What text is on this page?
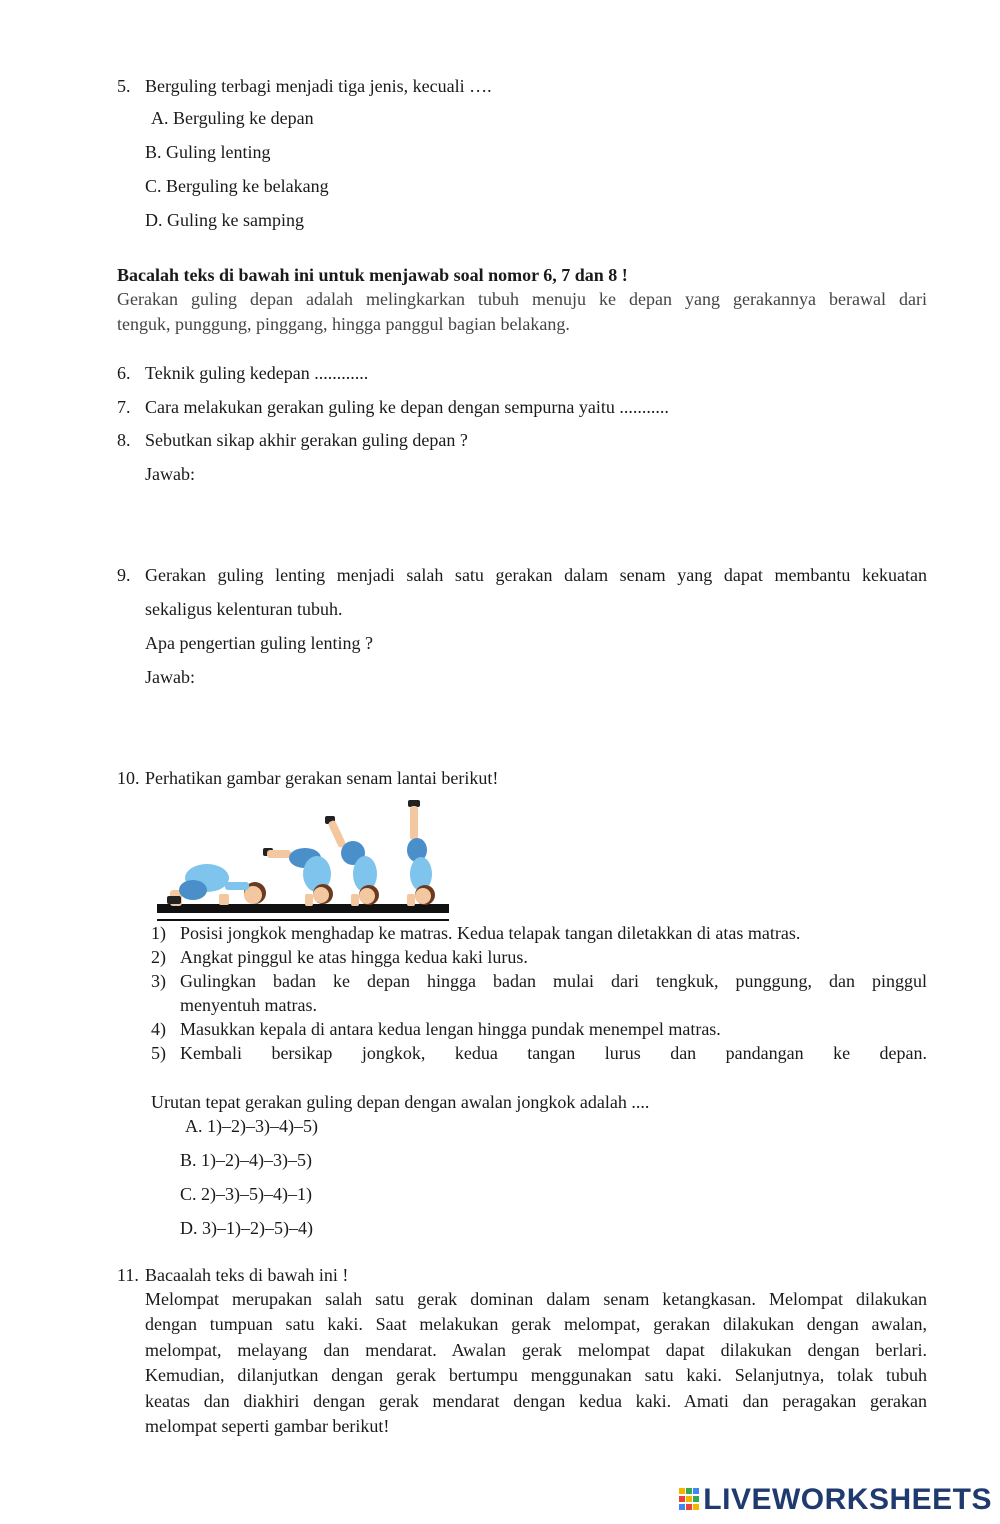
5. Berguling terbagi menjadi tiga jenis, kecuali ….
A. Berguling ke depan
B. Guling lenting
C. Berguling ke belakang
D. Guling ke samping
Bacalah teks di bawah ini untuk menjawab soal nomor 6, 7 dan 8 !
Gerakan guling depan adalah melingkarkan tubuh menuju ke depan yang gerakannya berawal dari
tenguk, punggung, pinggang, hingga panggul bagian belakang.
6. Teknik guling kedepan ............
7. Cara melakukan gerakan guling ke depan dengan sempurna yaitu ...........
8. Sebutkan sikap akhir gerakan guling depan ?
Jawab:
9. Gerakan guling lenting menjadi salah satu gerakan dalam senam yang dapat membantu kekuatan
sekaligus kelenturan tubuh.
Apa pengertian guling lenting ?
Jawab:
10. Perhatikan gambar gerakan senam lantai berikut!
1) Posisi jongkok menghadap ke matras. Kedua telapak tangan diletakkan di atas matras.
2) Angkat pinggul ke atas hingga kedua kaki lurus.
3) Gulingkan badan ke depan hingga badan mulai dari tengkuk, punggung, dan pinggul
menyentuh matras.
4) Masukkan kepala di antara kedua lengan hingga pundak menempel matras.
5) Kembali bersikap jongkok, kedua tangan lurus dan pandangan ke depan.
Urutan tepat gerakan guling depan dengan awalan jongkok adalah ....
A. 1)–2)–3)–4)–5)
B. 1)–2)–4)–3)–5)
C. 2)–3)–5)–4)–1)
D. 3)–1)–2)–5)–4)
11. Bacaalah teks di bawah ini !
Melompat merupakan salah satu gerak dominan dalam senam ketangkasan. Melompat dilakukan
dengan tumpuan satu kaki. Saat melakukan gerak melompat, gerakan dilakukan dengan awalan,
melompat, melayang dan mendarat. Awalan gerak melompat dapat dilakukan dengan berlari.
Kemudian, dilanjutkan dengan gerak bertumpu menggunakan satu kaki. Selanjutnya, tolak tubuh
keatas dan diakhiri dengan gerak mendarat dengan kedua kaki. Amati dan peragakan gerakan
melompat seperti gambar berikut!
LIVEWORKSHEETS
